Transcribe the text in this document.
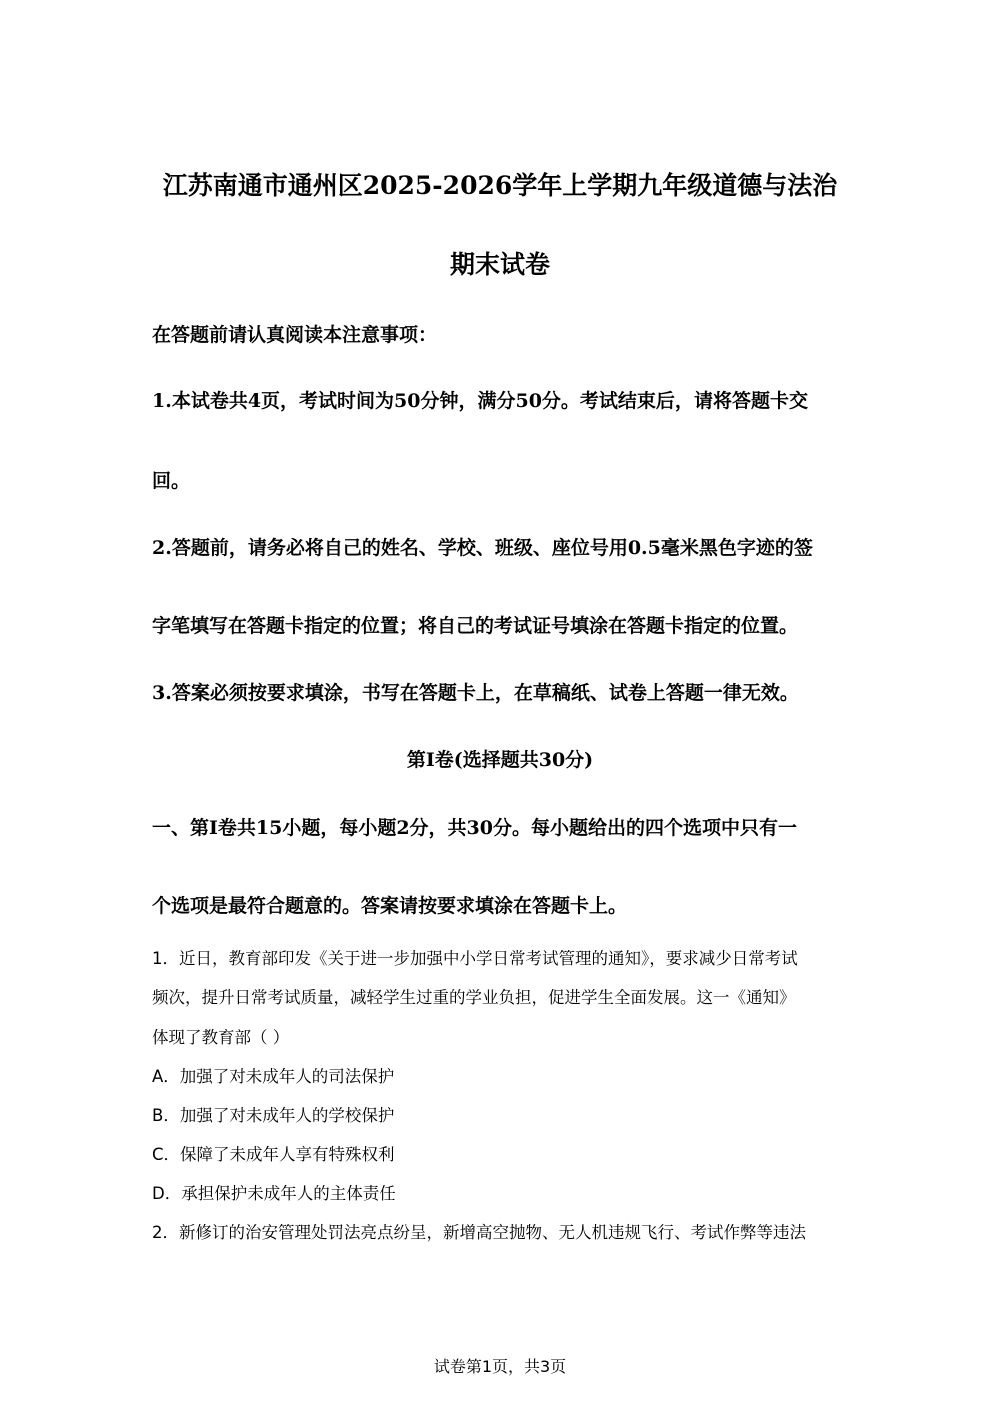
江苏南通市通州区2025-2026学年上学期九年级道德与法治
期末试卷
在答题前请认真阅读本注意事项：
1.本试卷共4页，考试时间为50分钟，满分50分。考试结束后，请将答题卡交
回。
2.答题前，请务必将自己的姓名、学校、班级、座位号用0.5毫米黑色字迹的签
字笔填写在答题卡指定的位置；将自己的考试证号填涂在答题卡指定的位置。
3.答案必须按要求填涂，书写在答题卡上，在草稿纸、试卷上答题一律无效。
第I卷(选择题共30分)
一、第I卷共15小题，每小题2分，共30分。每小题给出的四个选项中只有一
个选项是最符合题意的。答案请按要求填涂在答题卡上。
1．近日，教育部印发《关于进一步加强中小学日常考试管理的通知》，要求减少日常考试
频次，提升日常考试质量，减轻学生过重的学业负担，促进学生全面发展。这一《通知》
体现了教育部（ ）
A．加强了对未成年人的司法保护
B．加强了对未成年人的学校保护
C．保障了未成年人享有特殊权利
D．承担保护未成年人的主体责任
2．新修订的治安管理处罚法亮点纷呈，新增高空抛物、无人机违规飞行、考试作弊等违法
试卷第1页，共3页
